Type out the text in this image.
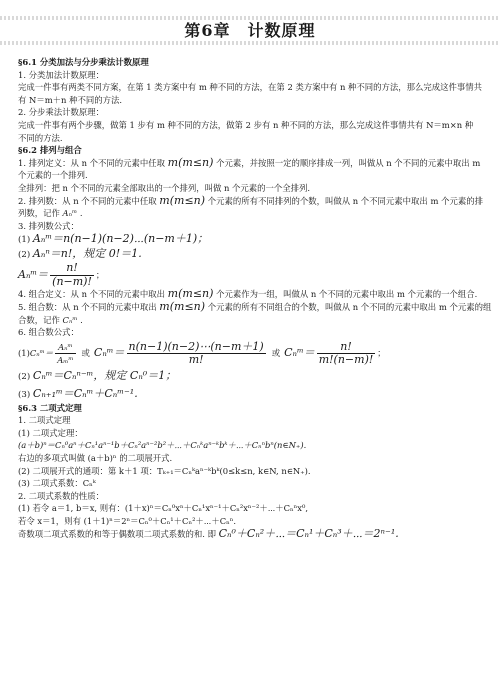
第6章　计数原理
§6.1 分类加法与分步乘法计数原理
1. 分类加法计数原理：
完成一件事有两类不同方案，在第 1 类方案中有 m 种不同的方法，在第 2 类方案中有 n 种不同的方法，那么完成这件事情共
有 N＝m＋n 种不同的方法.
2. 分步乘法计数原理：
完成一件事有两个步骤，做第 1 步有 m 种不同的方法，做第 2 步有 n 种不同的方法，那么完成这件事情共有 N＝m×n 种
不同的方法.
§6.2 排列与组合
1. 排列定义：从 n 个不同的元素中任取 m(m≤n) 个元素，并按照一定的顺序排成一列，叫做从 n 个不同的元素中取出 m
个元素的一个排列.
全排列：把 n 个不同的元素全部取出的一个排列，叫做 n 个元素的一个全排列.
2. 排列数：从 n 个不同的元素中任取 m(m≤n) 个元素的所有不同排列的个数，叫做从 n 个不同元素中取出 m 个元素的排
列数，记作 Aₙᵐ .
3. 排列数公式：
(1) Aₙᵐ＝n(n−1)(n−2)⋯(n−m＋1)；
(2) Aₙⁿ＝n!，规定 0!＝1.
Aₙᵐ＝ $\frac{n!}{(n-m)!}$ ；
4. 组合定义：从 n 个不同的元素中取出 m(m≤n) 个元素作为一组，叫做从 n 个不同的元素中取出 m 个元素的一个组合.
5. 组合数：从 n 个不同的元素中取出 m(m≤n) 个元素的所有不同组合的个数，叫做从 n 个不同的元素中取出 m 个元素的组
合数，记作 Cₙᵐ .
6. 组合数公式：
(1) Cₙᵐ＝ $\frac{\text{Aₙᵐ}}{\text{Aₘᵐ}}$ 或 Cₙᵐ＝ $\frac{n(n-1)(n-2)\cdots(n-m+1)}{m!}$ 或 Cₙᵐ＝ $\frac{n!}{m!(n-m)!}$ ；
(2) Cₙᵐ＝Cₙⁿ⁻ᵐ，规定 Cₙ⁰＝1；
(3) Cₙ₊₁ᵐ＝Cₙᵐ＋Cₙᵐ⁻¹.
§6.3 二项式定理
1. 二项式定理
(1) 二项式定理：
(a＋b)ⁿ＝Cₙ⁰aⁿ＋Cₙ¹aⁿ⁻¹b＋Cₙ²aⁿ⁻²b²＋⋯＋Cₙᵏaⁿ⁻ᵏbᵏ＋⋯＋Cₙⁿbⁿ(n∈N₊).
右边的多项式叫做 (a＋b)ⁿ 的二项展开式.
(2) 二项展开式的通项：第 k＋1 项：Tₖ₊₁＝Cₙᵏaⁿ⁻ᵏbᵏ(0≤k≤n, k∈N, n∈N₊).
(3) 二项式系数：Cₙᵏ
2. 二项式系数的性质：
(1) 若令 a＝1, b＝x, 则有：(1＋x)ⁿ＝Cₙ⁰xⁿ＋Cₙ¹xⁿ⁻¹＋Cₙ²xⁿ⁻²＋⋯＋Cₙⁿx⁰,
若令 x＝1，则有 (1＋1)ⁿ＝2ⁿ＝Cₙ⁰＋Cₙ¹＋Cₙ²＋⋯＋Cₙⁿ.
奇数项二项式系数的和等于偶数项二项式系数的和. 即 Cₙ⁰＋Cₙ²＋⋯＝Cₙ¹＋Cₙ³＋⋯＝2ⁿ⁻¹.
